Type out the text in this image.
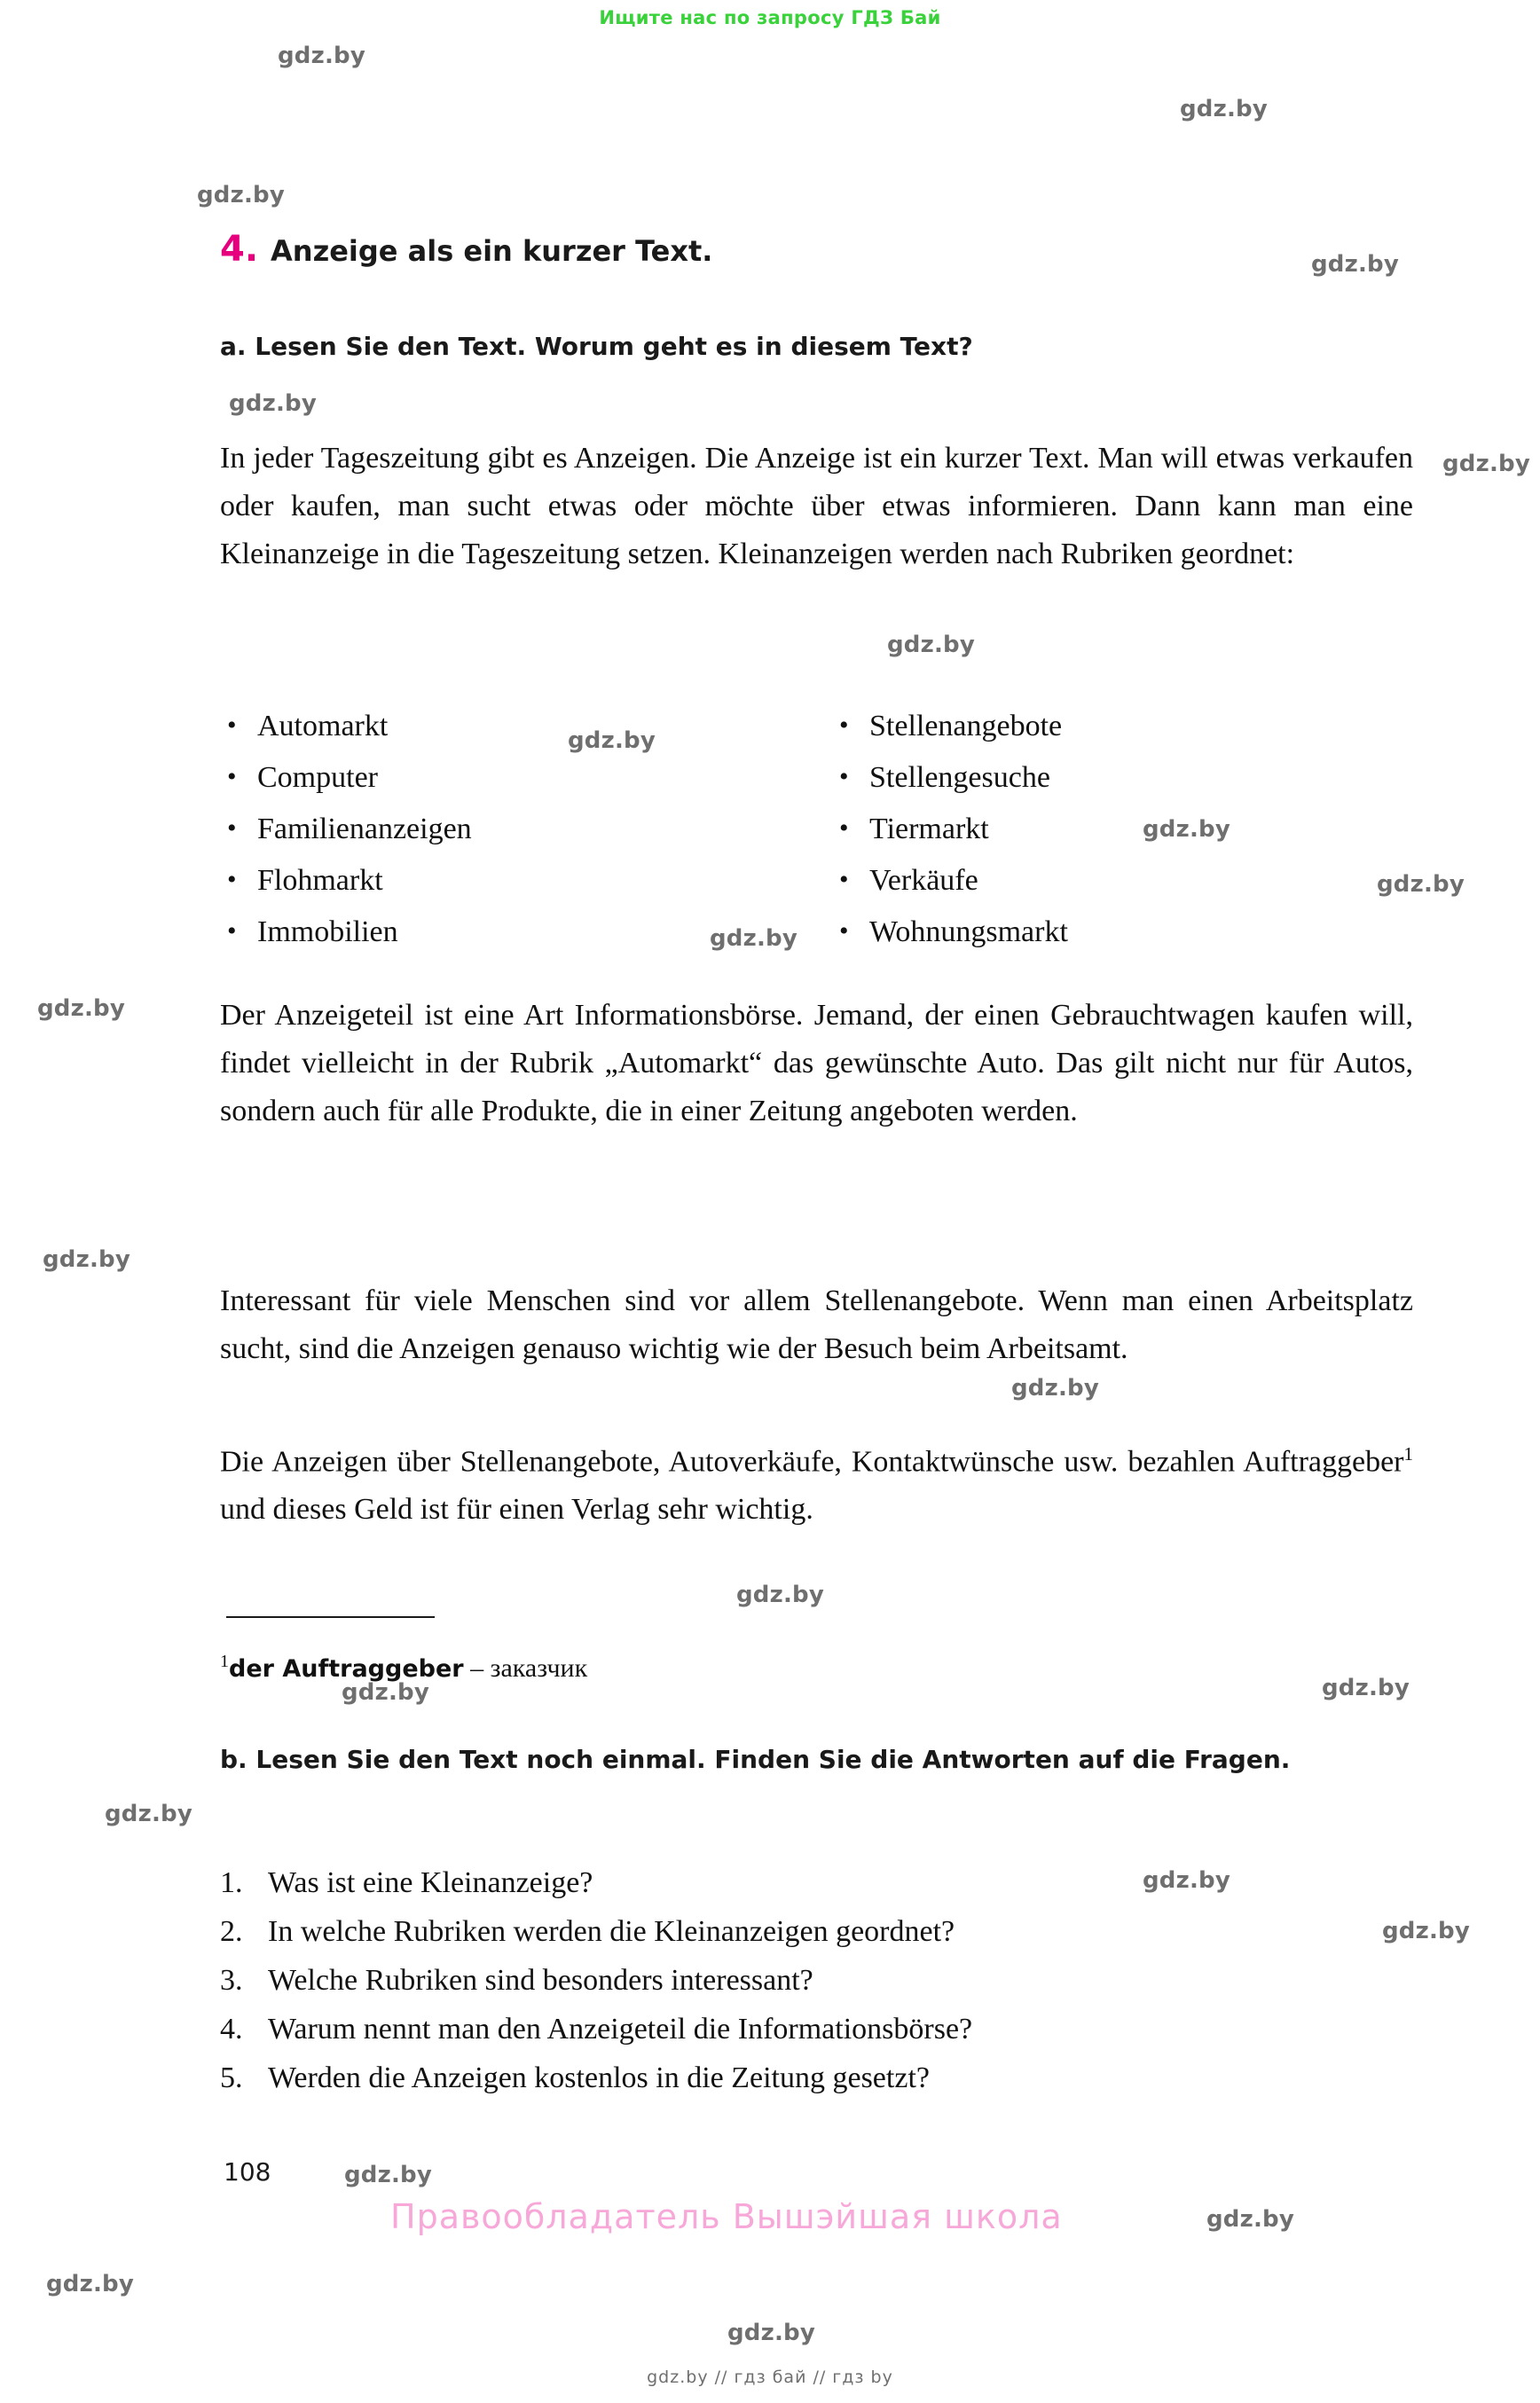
Ищите нас по запросу ГДЗ Бай
gdz.by
gdz.by
gdz.by
gdz.by
gdz.by
gdz.by
gdz.by
gdz.by
gdz.by
gdz.by
gdz.by
gdz.by
gdz.by
gdz.by
gdz.by
gdz.by
gdz.by
gdz.by
gdz.by
gdz.by
gdz.by
gdz.by
gdz.by
gdz.by
4. Anzeige als ein kurzer Text.
a. Lesen Sie den Text. Worum geht es in diesem Text?
In jeder Tageszeitung gibt es Anzeigen. Die Anzeige ist ein kurzer Text. Man will etwas verkaufen oder kaufen, man sucht etwas oder möchte über etwas informieren. Dann kann man eine Kleinanzeige in die Tageszeitung setzen. Kleinanzeigen werden nach Rubriken geordnet:
• Automarkt
• Computer
• Familienanzeigen
• Flohmarkt
• Immobilien
• Stellenangebote
• Stellengesuche
• Tiermarkt
• Verkäufe
• Wohnungsmarkt
Der Anzeigeteil ist eine Art Informationsbörse. Jemand, der einen Gebrauchtwagen kaufen will, findet vielleicht in der Rubrik „Automarkt“ das gewünschte Auto. Das gilt nicht nur für Autos, sondern auch für alle Produkte, die in einer Zeitung angeboten werden.
Interessant für viele Menschen sind vor allem Stellenangebote. Wenn man einen Arbeitsplatz sucht, sind die Anzeigen genauso wichtig wie der Besuch beim Arbeitsamt.
Die Anzeigen über Stellenangebote, Autoverkäufe, Kontaktwünsche usw. bezahlen Auftraggeber$^1$ und dieses Geld ist für einen Verlag sehr wichtig.
$^1$der Auftraggeber – заказчик
b. Lesen Sie den Text noch einmal. Finden Sie die Antworten auf die Fragen.
1. Was ist eine Kleinanzeige?
2. In welche Rubriken werden die Kleinanzeigen geordnet?
3. Welche Rubriken sind besonders interessant?
4. Warum nennt man den Anzeigeteil die Informationsbörse?
5. Werden die Anzeigen kostenlos in die Zeitung gesetzt?
108
Правообладатель Вышэйшая школа
gdz.by // гдз бай // гдз by
